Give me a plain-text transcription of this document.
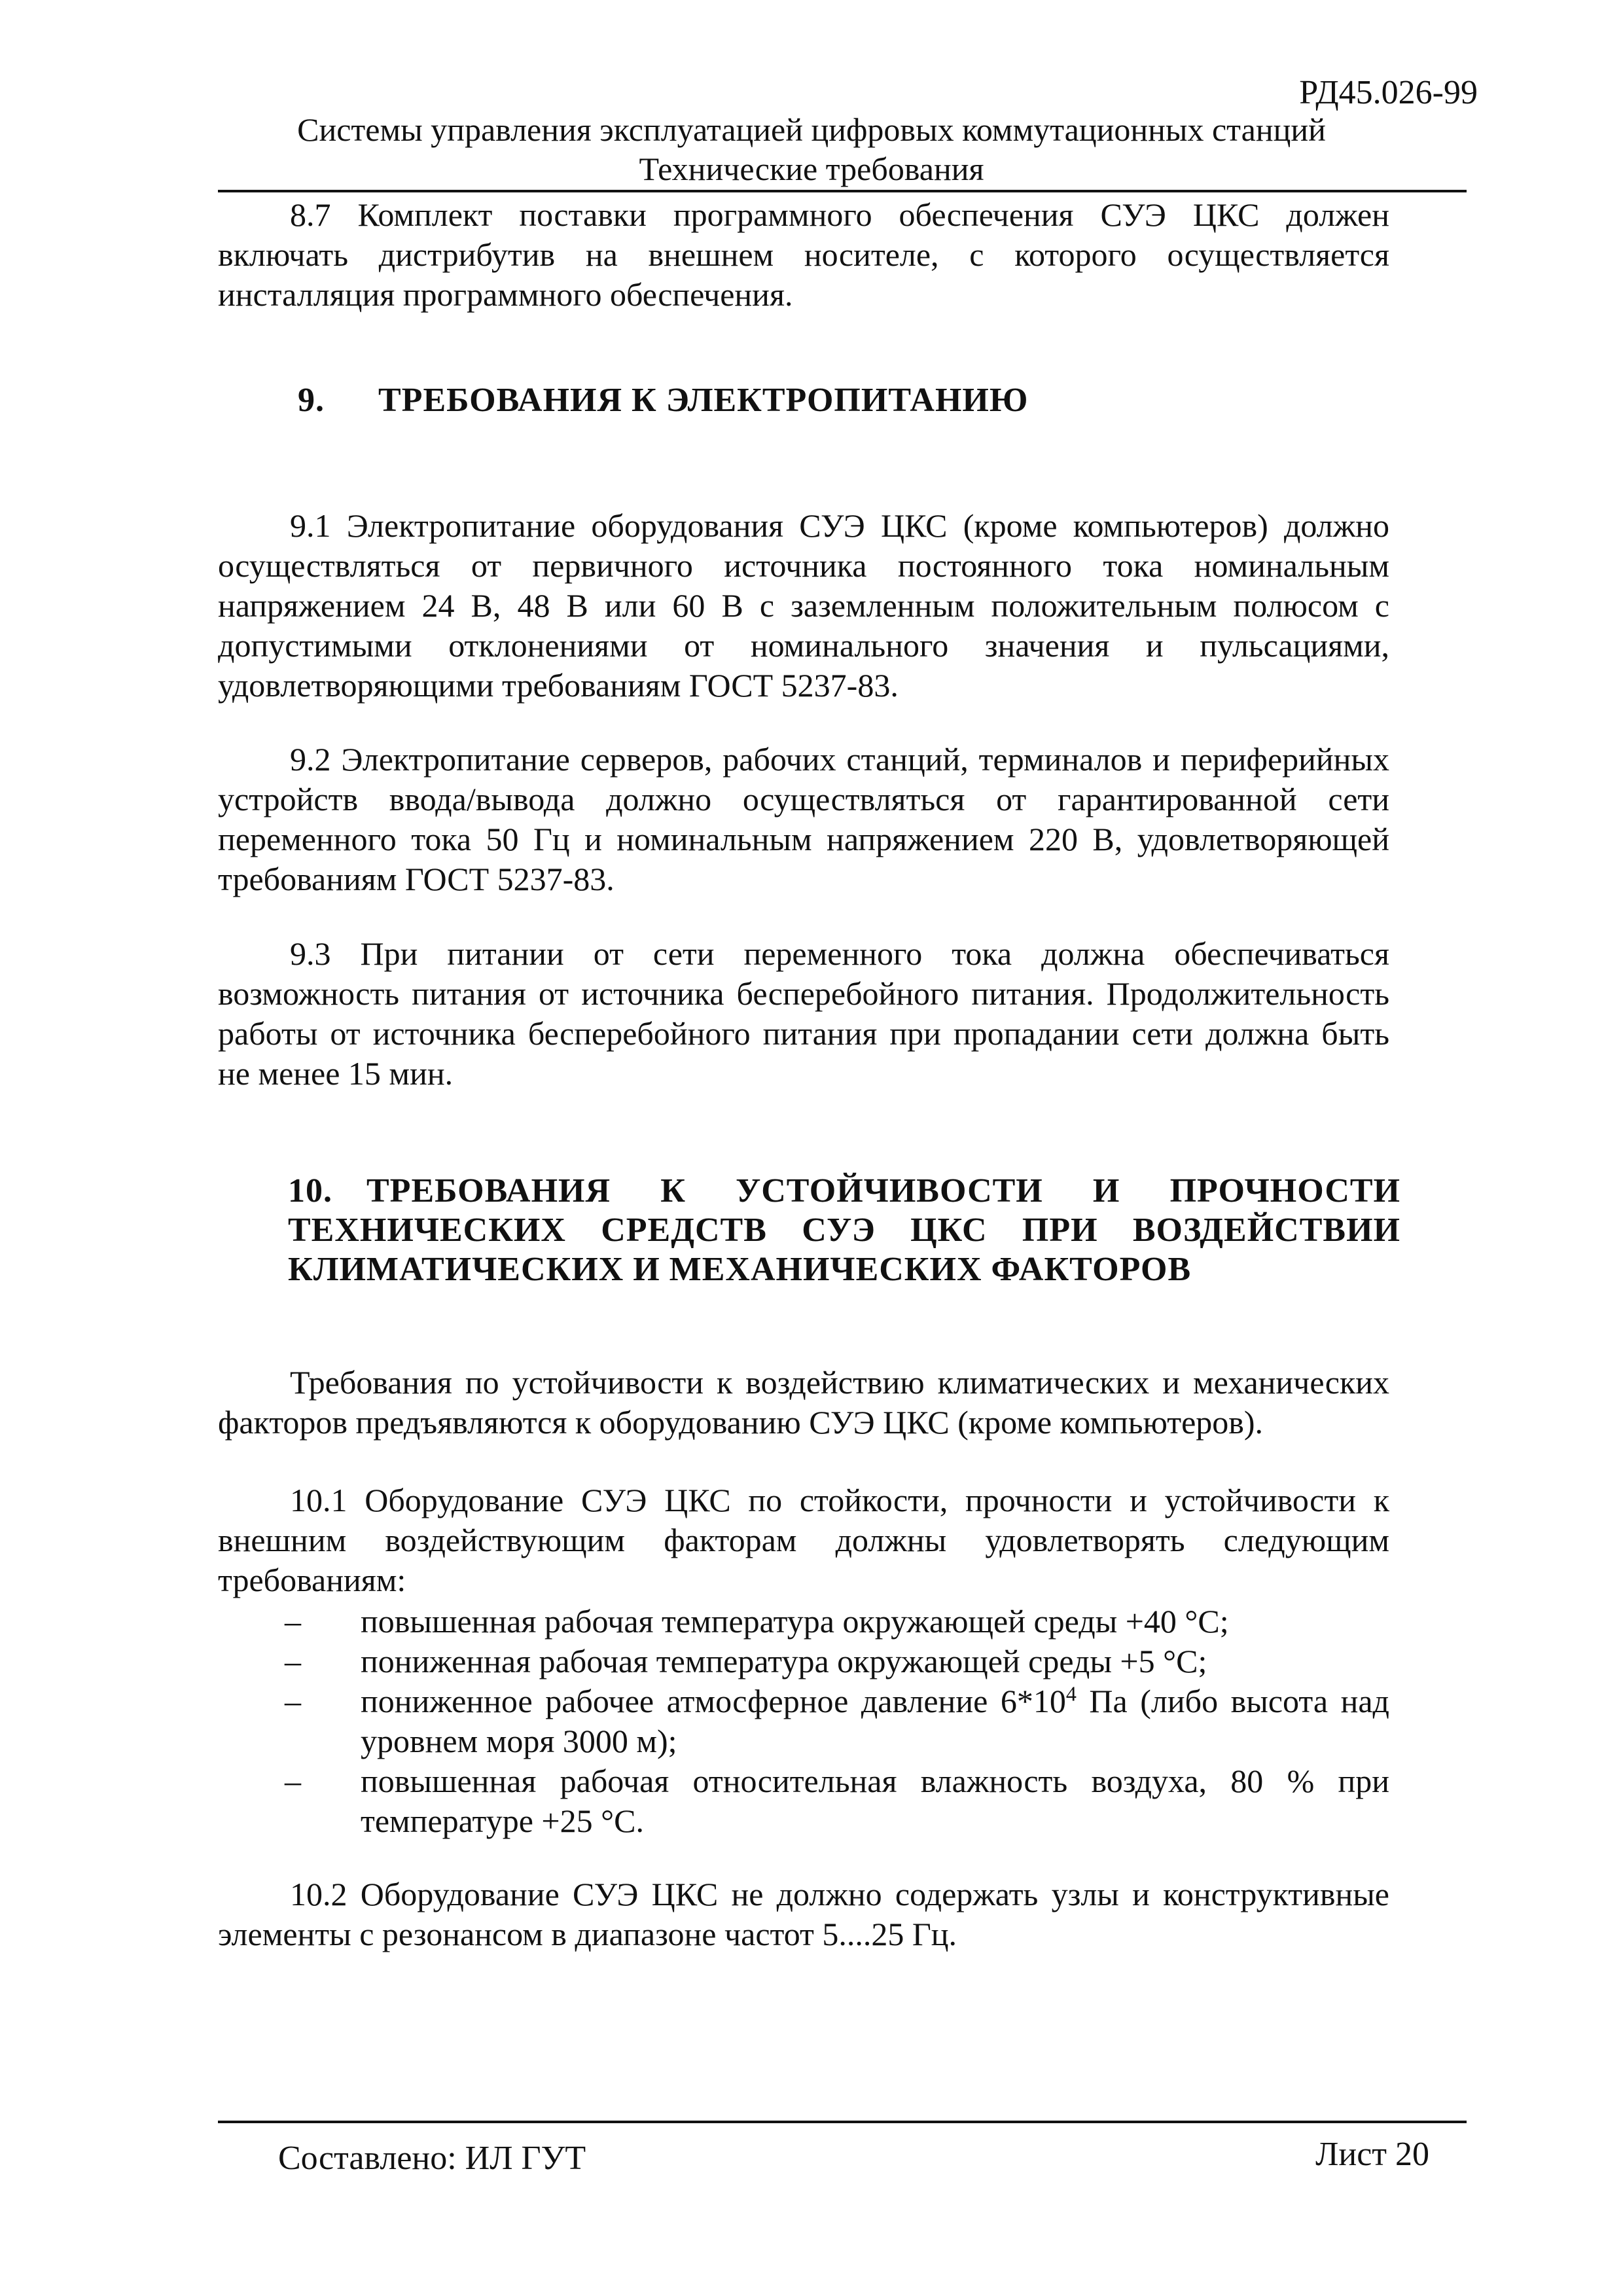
РД45.026-99
Системы управления эксплуатацией цифровых коммутационных станций
Технические требования
8.7 Комплект поставки программного обеспечения СУЭ ЦКС должен включать дистрибутив на внешнем носителе, с которого осуществляется инсталляция программного обеспечения.
9. ТРЕБОВАНИЯ К ЭЛЕКТРОПИТАНИЮ
9.1 Электропитание оборудования СУЭ ЦКС (кроме компьютеров) должно осуществляться от первичного источника постоянного тока номинальным напряжением 24 В, 48 В или 60 В с заземленным положительным полюсом с допустимыми отклонениями от номинального значения и пульсациями, удовлетворяющими требованиям ГОСТ 5237-83.
9.2 Электропитание серверов, рабочих станций, терминалов и периферийных устройств ввода/вывода должно осуществляться от гарантированной сети переменного тока 50 Гц и номинальным напряжением 220 В, удовлетворяющей требованиям ГОСТ 5237-83.
9.3 При питании от сети переменного тока должна обеспечиваться возможность питания от источника бесперебойного питания. Продолжительность работы от источника бесперебойного питания при пропадании сети должна быть не менее 15 мин.
10. ТРЕБОВАНИЯ К УСТОЙЧИВОСТИ И ПРОЧНОСТИ ТЕХНИЧЕСКИХ СРЕДСТВ СУЭ ЦКС ПРИ ВОЗДЕЙСТВИИ КЛИМАТИЧЕСКИХ И МЕХАНИЧЕСКИХ ФАКТОРОВ
Требования по устойчивости к воздействию климатических и механических факторов предъявляются к оборудованию СУЭ ЦКС (кроме компьютеров).
10.1 Оборудование СУЭ ЦКС по стойкости, прочности и устойчивости к внешним воздействующим факторам должны удовлетворять следующим требованиям:
– повышенная рабочая температура окружающей среды +40 °С;
– пониженная рабочая температура окружающей среды +5 °С;
– пониженное рабочее атмосферное давление $6*10^4$ Па (либо высота над уровнем моря 3000 м);
– повышенная рабочая относительная влажность воздуха, 80 % при температуре +25 °С.
10.2 Оборудование СУЭ ЦКС не должно содержать узлы и конструктивные элементы с резонансом в диапазоне частот 5....25 Гц.
Составлено: ИЛ ГУТ	Лист 20
